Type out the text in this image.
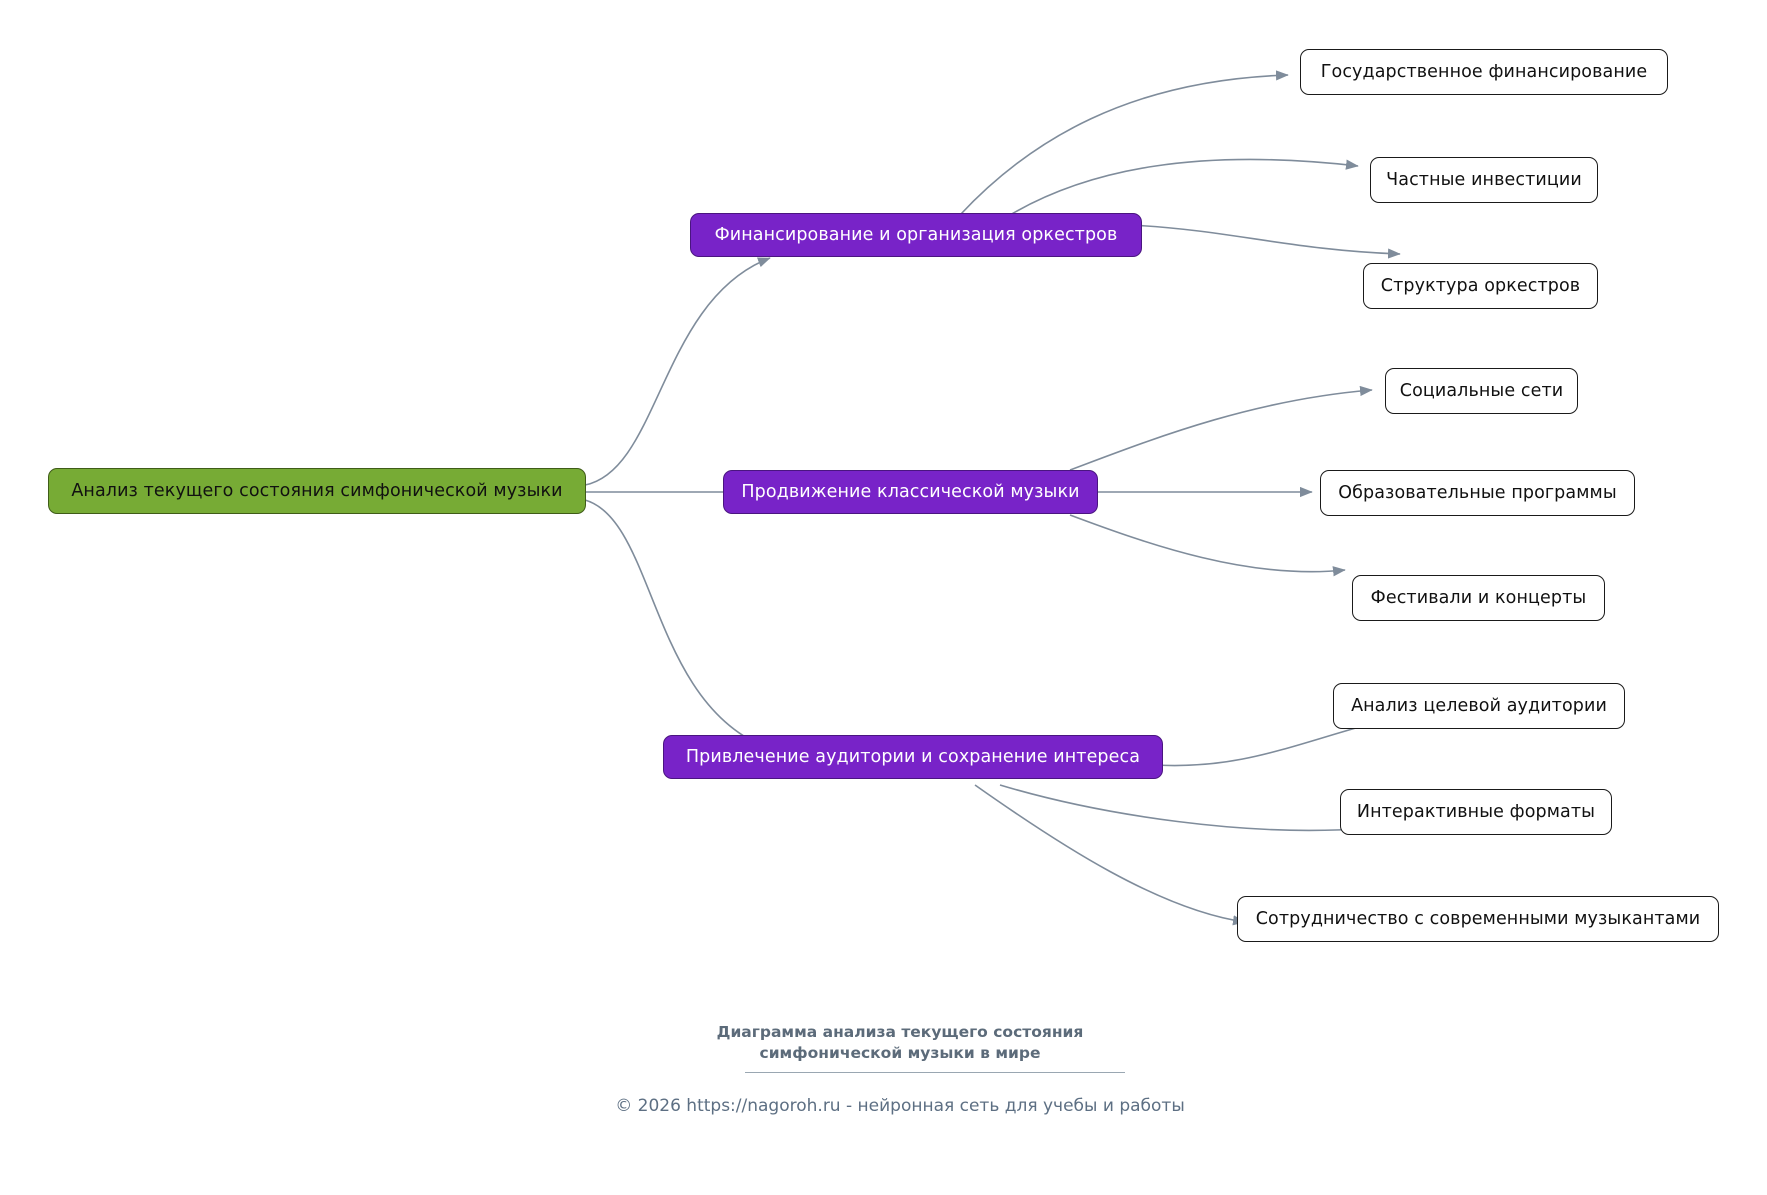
Анализ текущего состояния симфонической музыки
Финансирование и организация оркестров
Государственное финансирование
Частные инвестиции
Структура оркестров
Продвижение классической музыки
Социальные сети
Образовательные программы
Фестивали и концерты
Привлечение аудитории и сохранение интереса
Анализ целевой аудитории
Интерактивные форматы
Сотрудничество с современными музыкантами
Диаграмма анализа текущего состояния
симфонической музыки в мире
© 2026 https://nagoroh.ru - нейронная сеть для учебы и работы
